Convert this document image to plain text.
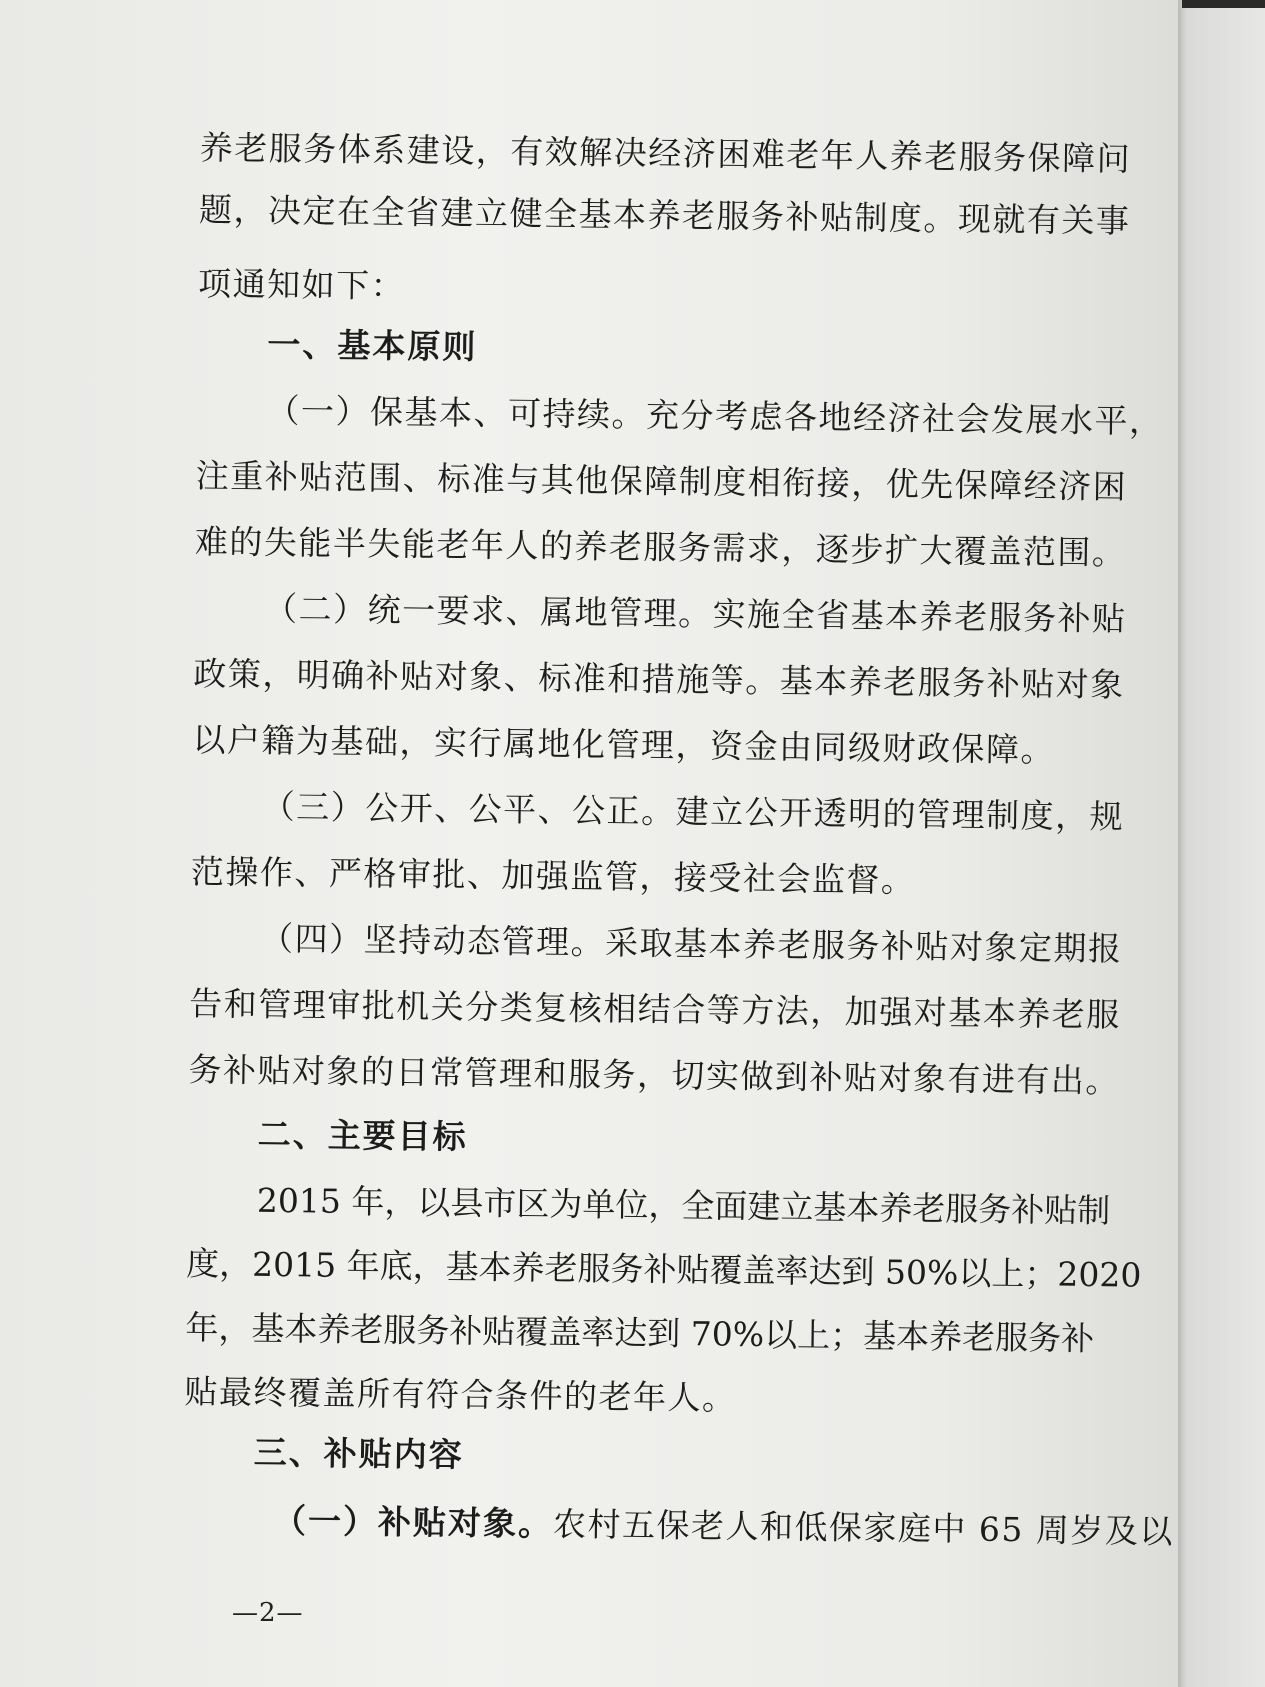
养老服务体系建设，有效解决经济困难老年人养老服务保障问
题，决定在全省建立健全基本养老服务补贴制度。现就有关事
项通知如下：
一、基本原则
（一）保基本、可持续。充分考虑各地经济社会发展水平，
注重补贴范围、标准与其他保障制度相衔接，优先保障经济困
难的失能半失能老年人的养老服务需求，逐步扩大覆盖范围。
（二）统一要求、属地管理。实施全省基本养老服务补贴
政策，明确补贴对象、标准和措施等。基本养老服务补贴对象
以户籍为基础，实行属地化管理，资金由同级财政保障。
（三）公开、公平、公正。建立公开透明的管理制度，规
范操作、严格审批、加强监管，接受社会监督。
（四）坚持动态管理。采取基本养老服务补贴对象定期报
告和管理审批机关分类复核相结合等方法，加强对基本养老服
务补贴对象的日常管理和服务，切实做到补贴对象有进有出。
二、主要目标
2015 年，以县市区为单位，全面建立基本养老服务补贴制
度，2015 年底，基本养老服务补贴覆盖率达到 50%以上；2020
年，基本养老服务补贴覆盖率达到 70%以上；基本养老服务补
贴最终覆盖所有符合条件的老年人。
三、补贴内容
（一）补贴对象。农村五保老人和低保家庭中 65 周岁及以
—2—
